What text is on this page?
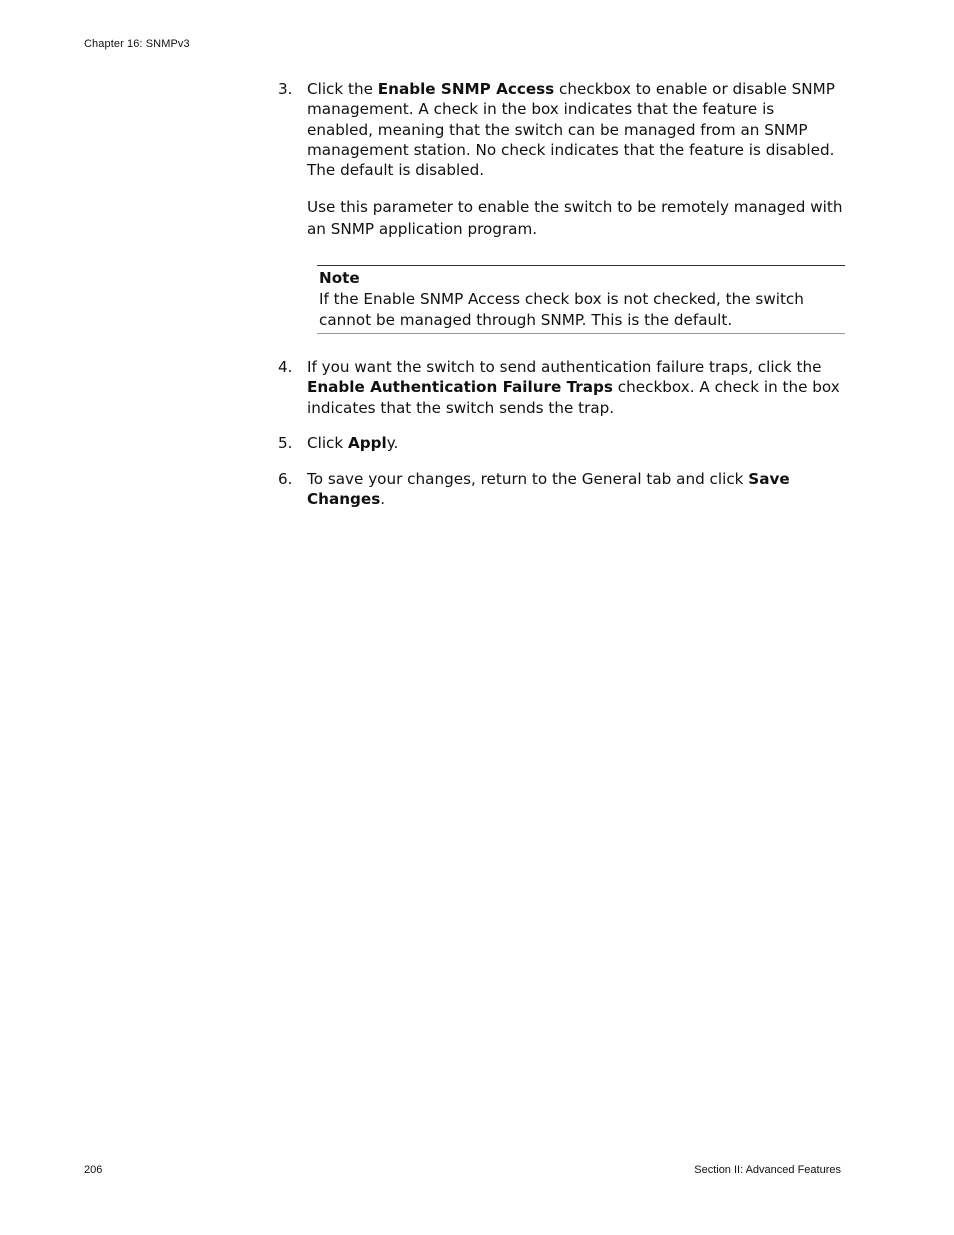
Chapter 16: SNMPv3
3. Click the Enable SNMP Access checkbox to enable or disable SNMP management. A check in the box indicates that the feature is enabled, meaning that the switch can be managed from an SNMP management station. No check indicates that the feature is disabled. The default is disabled.
Use this parameter to enable the switch to be remotely managed with an SNMP application program.
Note
If the Enable SNMP Access check box is not checked, the switch cannot be managed through SNMP. This is the default.
4. If you want the switch to send authentication failure traps, click the Enable Authentication Failure Traps checkbox. A check in the box indicates that the switch sends the trap.
5. Click Apply.
6. To save your changes, return to the General tab and click Save Changes.
206	Section II: Advanced Features
